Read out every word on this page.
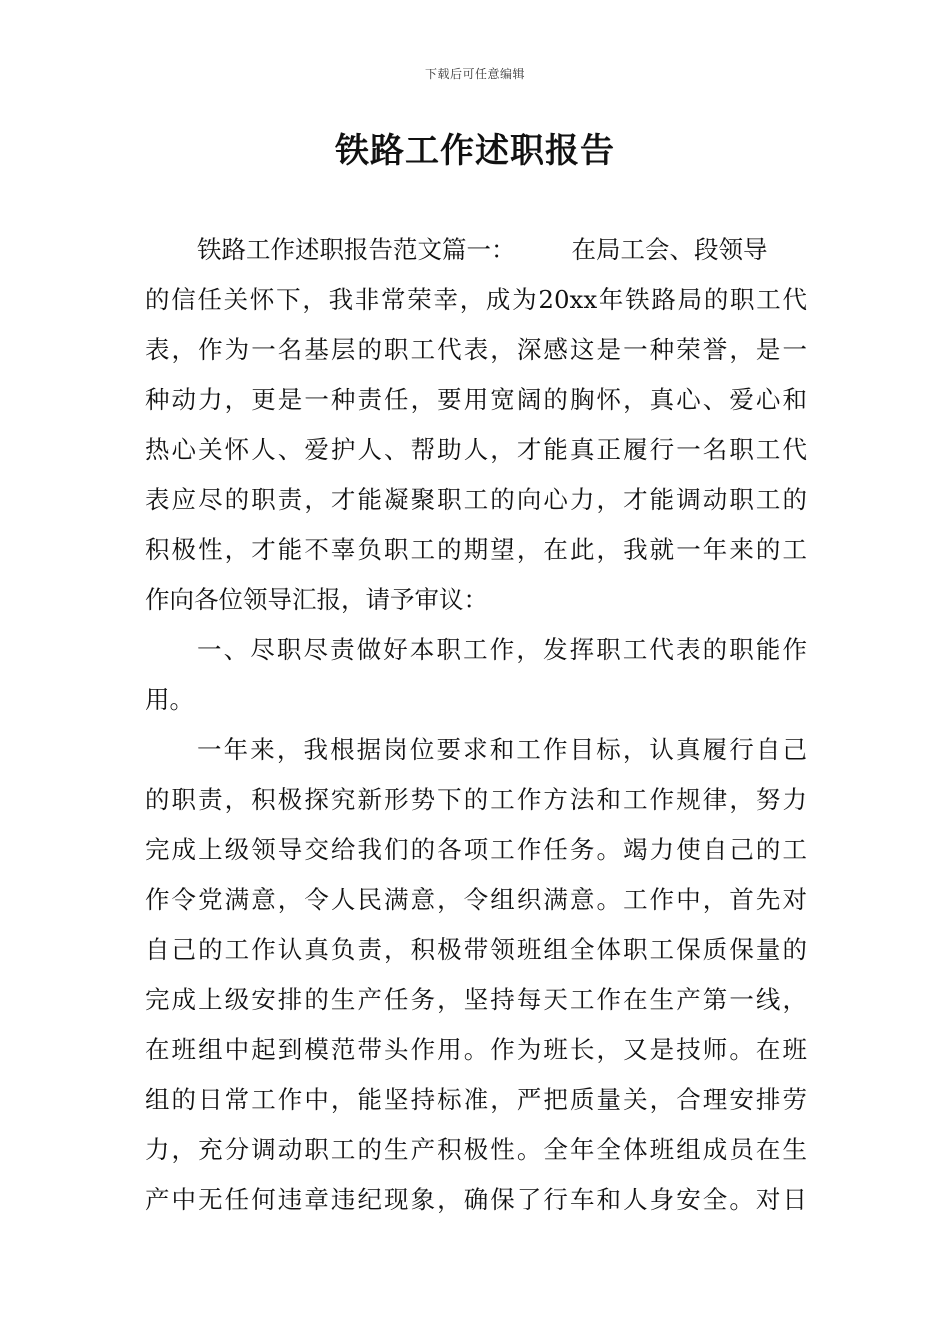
下载后可任意编辑
铁路工作述职报告
铁路工作述职报告范文篇一： 在局工会、段领导
的信任关怀下，我非常荣幸，成为20xx年铁路局的职工代
表，作为一名基层的职工代表，深感这是一种荣誉，是一
种动力，更是一种责任，要用宽阔的胸怀，真心、爱心和
热心关怀人、爱护人、帮助人，才能真正履行一名职工代
表应尽的职责，才能凝聚职工的向心力，才能调动职工的
积极性，才能不辜负职工的期望，在此，我就一年来的工
作向各位领导汇报，请予审议：
一、尽职尽责做好本职工作，发挥职工代表的职能作
用。
一年来，我根据岗位要求和工作目标，认真履行自己
的职责，积极探究新形势下的工作方法和工作规律，努力
完成上级领导交给我们的各项工作任务。竭力使自己的工
作令党满意，令人民满意，令组织满意。工作中，首先对
自己的工作认真负责，积极带领班组全体职工保质保量的
完成上级安排的生产任务，坚持每天工作在生产第一线，
在班组中起到模范带头作用。作为班长，又是技师。在班
组的日常工作中，能坚持标准，严把质量关，合理安排劳
力，充分调动职工的生产积极性。全年全体班组成员在生
产中无任何违章违纪现象，确保了行车和人身安全。对日
